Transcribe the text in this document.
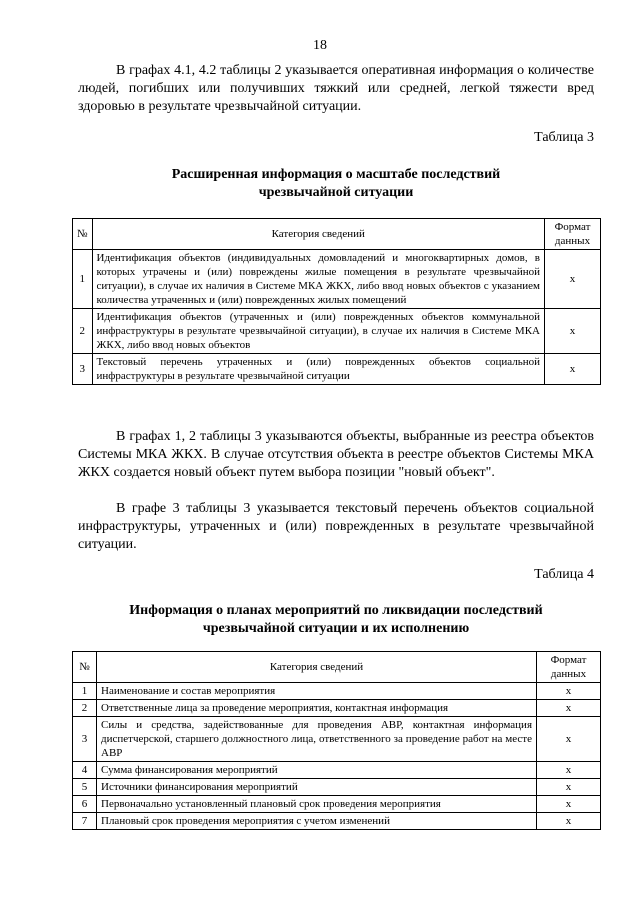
18

В графах 4.1, 4.2 таблицы 2 указывается оперативная информация о количестве людей, погибших или получивших тяжкий или средней, легкой тяжести вред здоровью в результате чрезвычайной ситуации.

Таблица 3
Расширенная информация о масштабе последствий
чрезвычайной ситуации
№	Категория сведений	Формат данных
1	Идентификация объектов (индивидуальных домовладений и многоквартирных домов, в которых утрачены и (или) повреждены жилые помещения в результате чрезвычайной ситуации), в случае их наличия в Системе МКА ЖКХ, либо ввод новых объектов с указанием количества утраченных и (или) поврежденных жилых помещений	x
2	Идентификация объектов (утраченных и (или) поврежденных объектов коммунальной инфраструктуры в результате чрезвычайной ситуации), в случае их наличия в Системе МКА ЖКХ, либо ввод новых объектов	x
3	Текстовый перечень утраченных и (или) поврежденных объектов социальной инфраструктуры в результате чрезвычайной ситуации	x

В графах 1, 2 таблицы 3 указываются объекты, выбранные из реестра объектов Системы МКА ЖКХ. В случае отсутствия объекта в реестре объектов Системы МКА ЖКХ создается новый объект путем выбора позиции "новый объект".

В графе 3 таблицы 3 указывается текстовый перечень объектов социальной инфраструктуры, утраченных и (или) поврежденных в результате чрезвычайной ситуации.

Таблица 4
Информация о планах мероприятий по ликвидации последствий
чрезвычайной ситуации и их исполнению
№	Категория сведений	Формат данных
1	Наименование и состав мероприятия	x
2	Ответственные лица за проведение мероприятия, контактная информация	x
3	Силы и средства, задействованные для проведения АВР, контактная информация диспетчерской, старшего должностного лица, ответственного за проведение работ на месте АВР	x
4	Сумма финансирования мероприятий	x
5	Источники финансирования мероприятий	x
6	Первоначально установленный плановый срок проведения мероприятия	x
7	Плановый срок проведения мероприятия с учетом изменений	x
